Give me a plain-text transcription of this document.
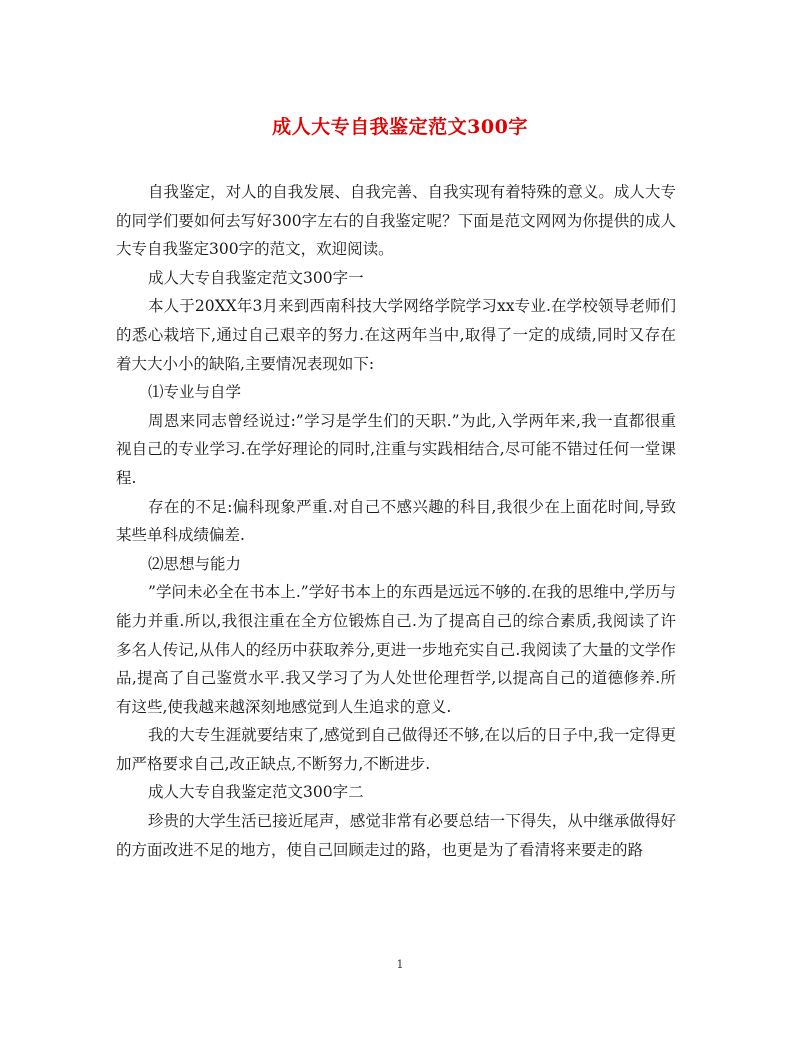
成人大专自我鉴定范文300字

自我鉴定，对人的自我发展、自我完善、自我实现有着特殊的意义。成人大专的同学们要如何去写好300字左右的自我鉴定呢？下面是范文网网为你提供的成人大专自我鉴定300字的范文，欢迎阅读。

成人大专自我鉴定范文300字一

本人于20XX年3月来到西南科技大学网络学院学习xx专业.在学校领导老师们的悉心栽培下,通过自己艰辛的努力.在这两年当中,取得了一定的成绩,同时又存在着大大小小的缺陷,主要情况表现如下:

⑴专业与自学

周恩来同志曾经说过:”学习是学生们的天职.”为此,入学两年来,我一直都很重视自己的专业学习.在学好理论的同时,注重与实践相结合,尽可能不错过任何一堂课程.

存在的不足:偏科现象严重.对自己不感兴趣的科目,我很少在上面花时间,导致某些单科成绩偏差.

⑵思想与能力

”学问未必全在书本上.”学好书本上的东西是远远不够的.在我的思维中,学历与能力并重.所以,我很注重在全方位锻炼自己.为了提高自己的综合素质,我阅读了许多名人传记,从伟人的经历中获取养分,更进一步地充实自己.我阅读了大量的文学作品,提高了自己鉴赏水平.我又学习了为人处世伦理哲学,以提高自己的道德修养.所有这些,使我越来越深刻地感觉到人生追求的意义.

我的大专生涯就要结束了,感觉到自己做得还不够,在以后的日子中,我一定得更加严格要求自己,改正缺点,不断努力,不断进步.

成人大专自我鉴定范文300字二

珍贵的大学生活已接近尾声，感觉非常有必要总结一下得失，从中继承做得好的方面改进不足的地方，使自己回顾走过的路，也更是为了看清将来要走的路

1
